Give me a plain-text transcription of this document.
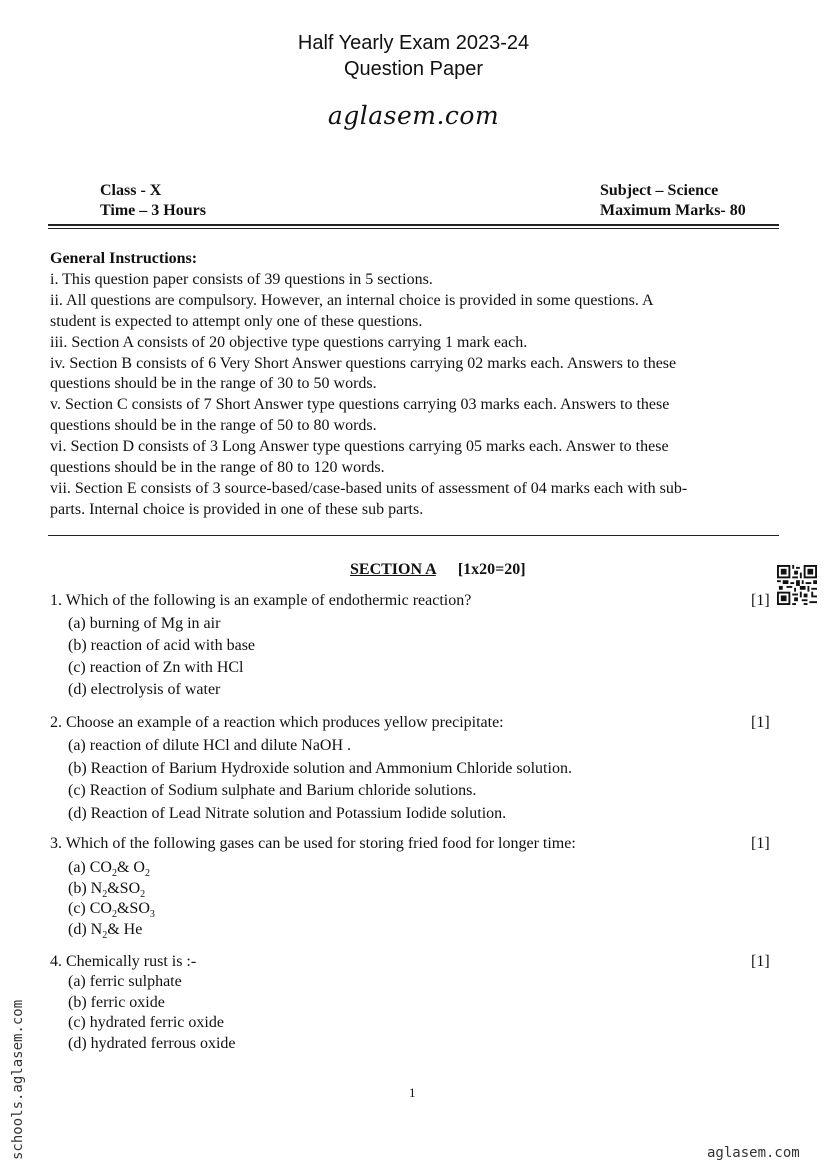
Half Yearly Exam 2023-24
Question Paper
aglasem.com
Class - X
Time – 3 Hours
Subject – Science
Maximum Marks- 80
General Instructions:
i. This question paper consists of 39 questions in 5 sections.
ii. All questions are compulsory. However, an internal choice is provided in some questions. A
student is expected to attempt only one of these questions.
iii. Section A consists of 20 objective type questions carrying 1 mark each.
iv. Section B consists of 6 Very Short Answer questions carrying 02 marks each. Answers to these
questions should be in the range of 30 to 50 words.
v. Section C consists of 7 Short Answer type questions carrying 03 marks each. Answers to these
questions should be in the range of 50 to 80 words.
vi. Section D consists of 3 Long Answer type questions carrying 05 marks each. Answer to these
questions should be in the range of 80 to 120 words.
vii. Section E consists of 3 source-based/case-based units of assessment of 04 marks each with sub-
parts. Internal choice is provided in one of these sub parts.
SECTION A [1x20=20]
1. Which of the following is an example of endothermic reaction?	[1]
(a) burning of Mg in air
(b) reaction of acid with base
(c) reaction of Zn with HCl
(d) electrolysis of water
2. Choose an example of a reaction which produces yellow precipitate:	[1]
(a) reaction of dilute HCl and dilute NaOH .
(b) Reaction of Barium Hydroxide solution and Ammonium Chloride solution.
(c) Reaction of Sodium sulphate and Barium chloride solutions.
(d) Reaction of Lead Nitrate solution and Potassium Iodide solution.
3. Which of the following gases can be used for storing fried food for longer time:	[1]
(a) $CO_2\&$ $O_2$
(b) $N_2\&SO_2$
(c) $CO_2\&SO_3$
(d) $N_2\&$ He
4. Chemically rust is :-	[1]
(a) ferric sulphate
(b) ferric oxide
(c) hydrated ferric oxide
(d) hydrated ferrous oxide
1
schools.aglasem.com	aglasem.com
